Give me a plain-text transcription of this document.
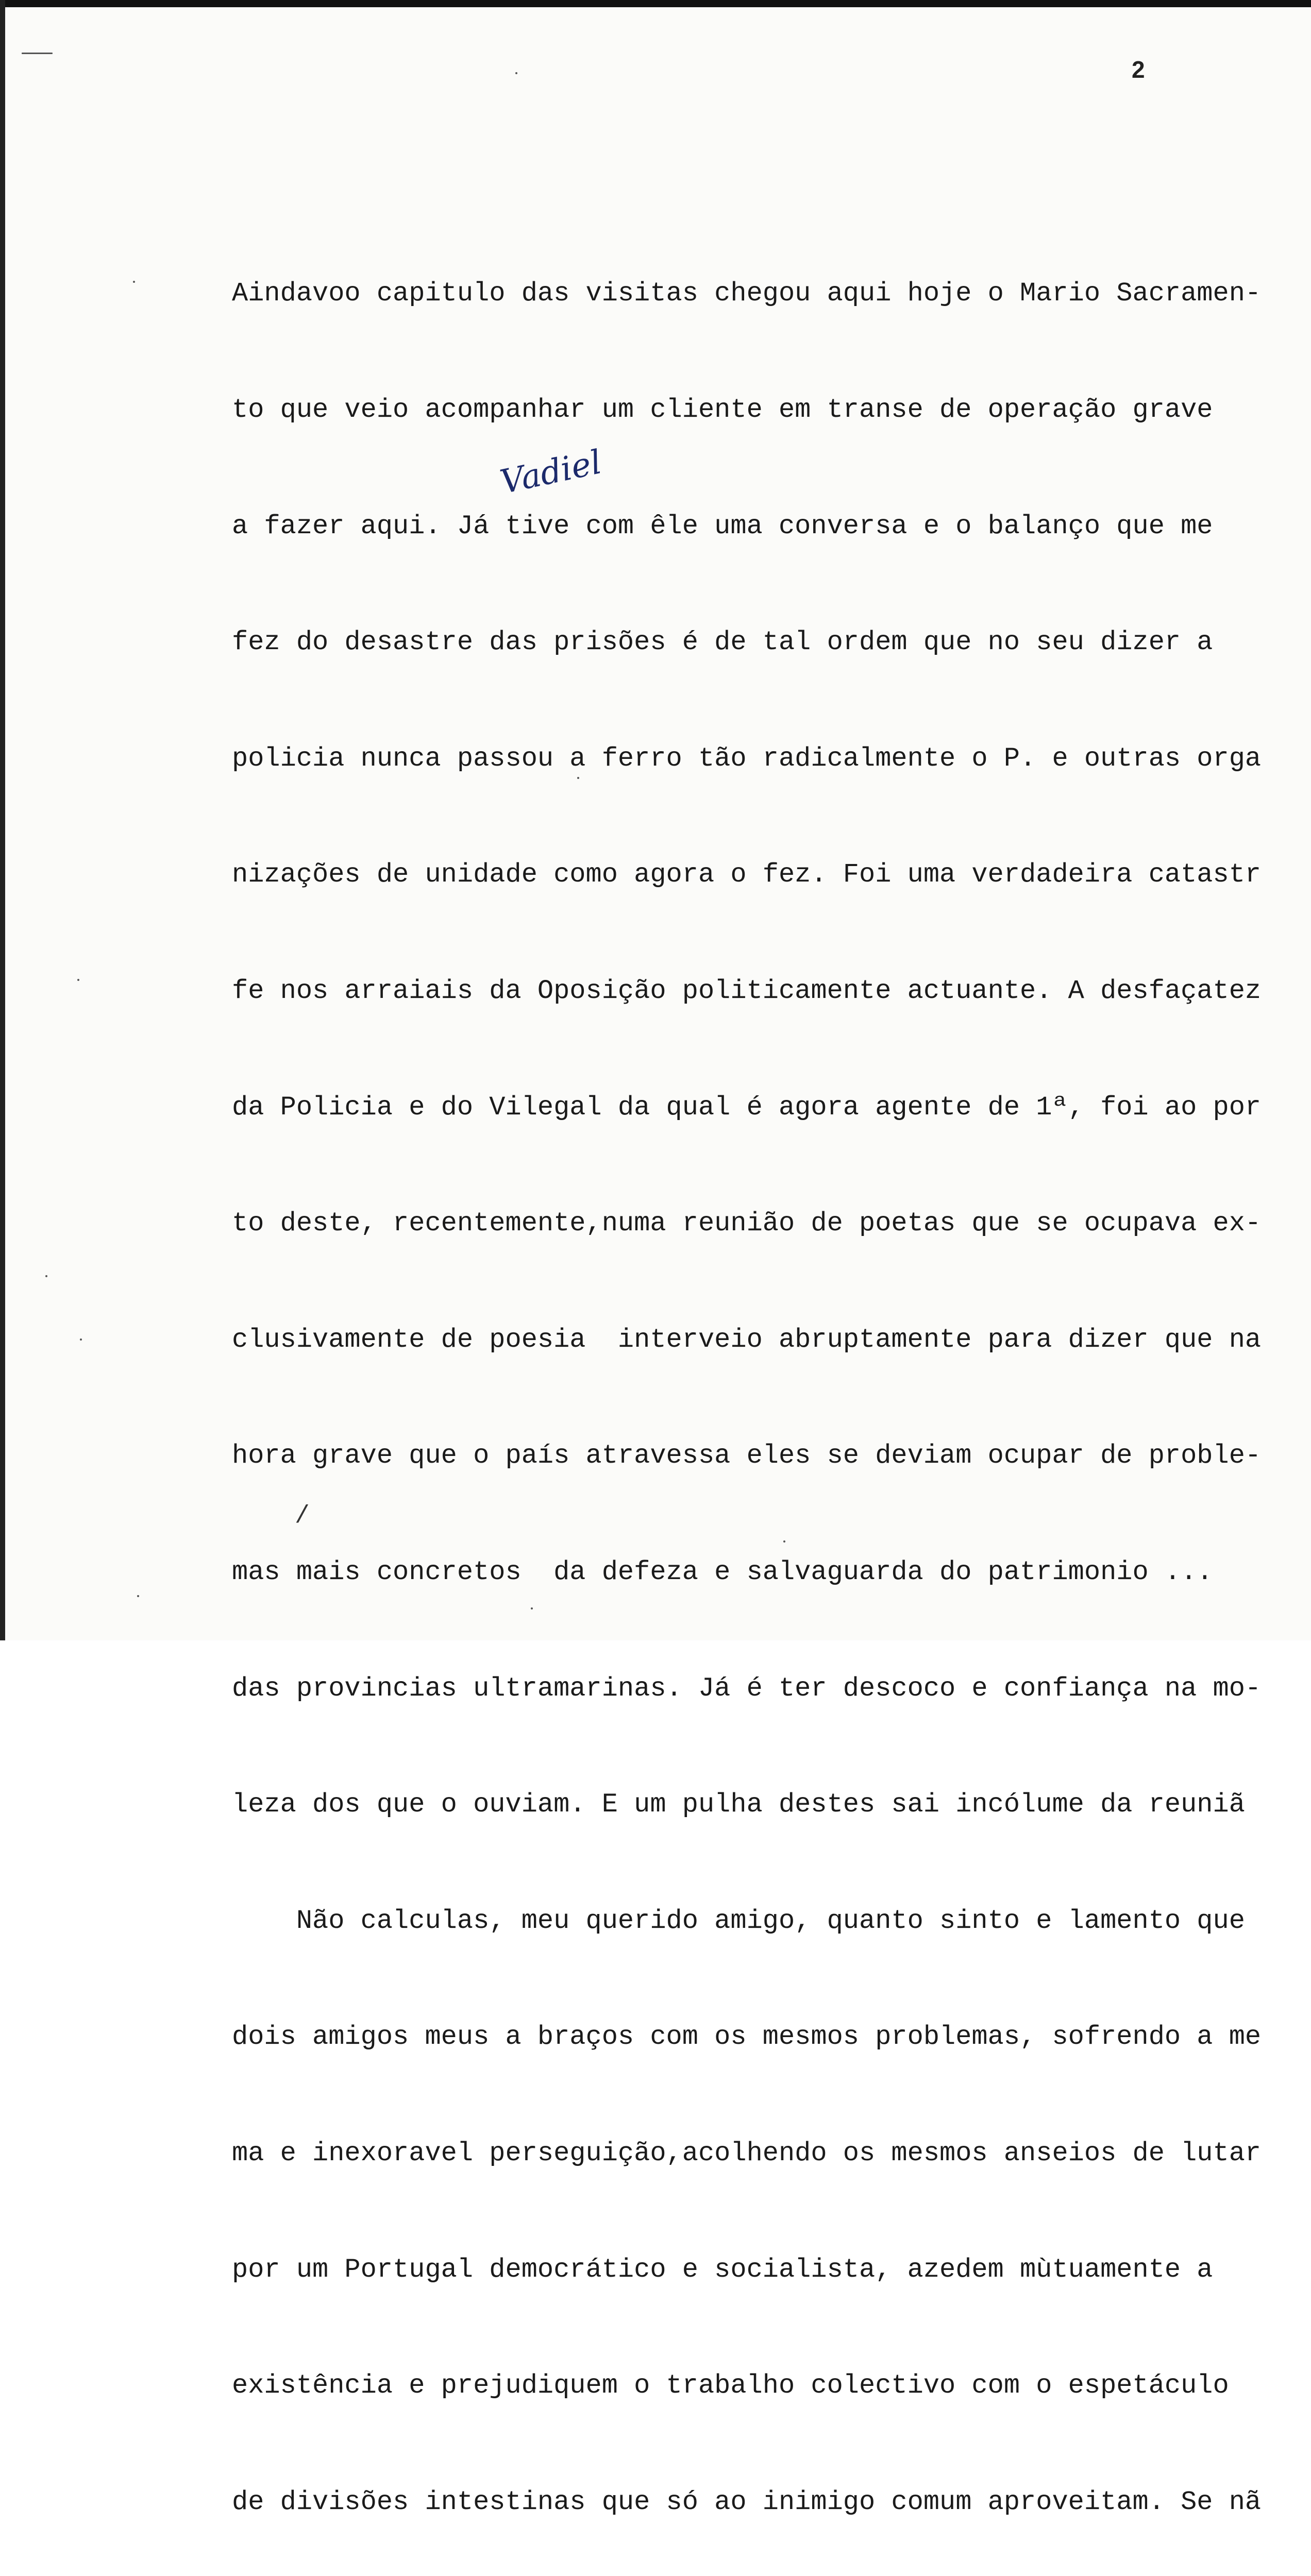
2

Aindavoo capitulo das visitas chegou aqui hoje o Mario Sacramen-

to que veio acompanhar um cliente em transe de operação grave

a fazer aqui. Já tive com êle uma conversa e o balanço que me

fez do desastre das prisões é de tal ordem que no seu dizer a

policia nunca passou a ferro tão radicalmente o P. e outras orga

nizações de unidade como agora o fez. Foi uma verdadeira catastr

fe nos arraiais da Oposição politicamente actuante. A desfaçatez

da Policia e do Vilegal da qual é agora agente de 1ª, foi ao por

to deste, recentemente,numa reunião de poetas que se ocupava ex-

clusivamente de poesia  interveio abruptamente para dizer que na

hora grave que o país atravessa eles se deviam ocupar de proble-

mas mais concretos  da defeza e salvaguarda do patrimonio ...

das provincias ultramarinas. Já é ter descoco e confiança na mo-

leza dos que o ouviam. E um pulha destes sai incólume da reuniã

Não calculas, meu querido amigo, quanto sinto e lamento que

dois amigos meus a braços com os mesmos problemas, sofrendo a me

ma e inexoravel perseguição,acolhendo os mesmos anseios de lutar

por um Portugal democrático e socialista, azedem mùtuamente a

existência e prejudiquem o trabalho colectivo com o espetáculo

de divisões intestinas que só ao inimigo comum aproveitam. Se nã

Vadiel
/
